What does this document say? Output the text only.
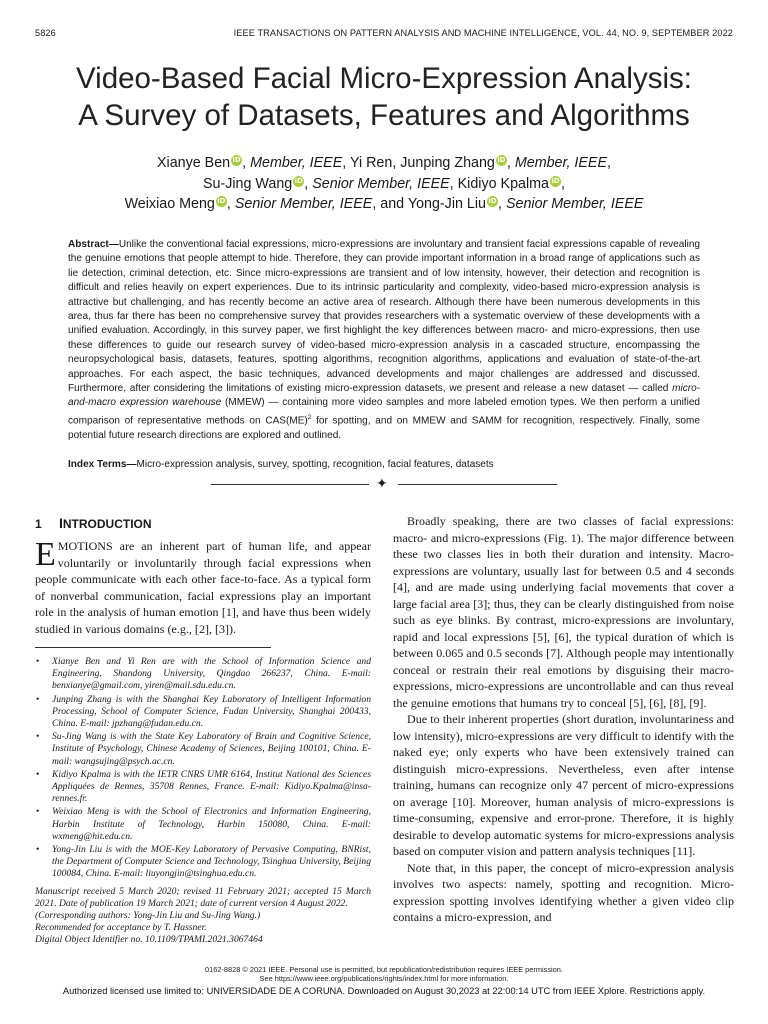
5826	IEEE TRANSACTIONS ON PATTERN ANALYSIS AND MACHINE INTELLIGENCE, VOL. 44, NO. 9, SEPTEMBER 2022
Video-Based Facial Micro-Expression Analysis:
A Survey of Datasets, Features and Algorithms
Xianye Ben iD, Member, IEEE, Yi Ren, Junping Zhang iD, Member, IEEE,
Su-Jing Wang iD, Senior Member, IEEE, Kidiyo Kpalma iD,
Weixiao Meng iD, Senior Member, IEEE, and Yong-Jin Liu iD, Senior Member, IEEE
Abstract—Unlike the conventional facial expressions, micro-expressions are involuntary and transient facial expressions capable of revealing the genuine emotions that people attempt to hide. Therefore, they can provide important information in a broad range of applications such as lie detection, criminal detection, etc. Since micro-expressions are transient and of low intensity, however, their detection and recognition is difficult and relies heavily on expert experiences. Due to its intrinsic particularity and complexity, video-based micro-expression analysis is attractive but challenging, and has recently become an active area of research. Although there have been numerous developments in this area, thus far there has been no comprehensive survey that provides researchers with a systematic overview of these developments with a unified evaluation. Accordingly, in this survey paper, we first highlight the key differences between macro- and micro-expressions, then use these differences to guide our research survey of video-based micro-expression analysis in a cascaded structure, encompassing the neuropsychological basis, datasets, features, spotting algorithms, recognition algorithms, applications and evaluation of state-of-the-art approaches. For each aspect, the basic techniques, advanced developments and major challenges are addressed and discussed. Furthermore, after considering the limitations of existing micro-expression datasets, we present and release a new dataset — called micro-and-macro expression warehouse (MMEW) — containing more video samples and more labeled emotion types. We then perform a unified comparison of representative methods on CAS(ME)$^2$ for spotting, and on MMEW and SAMM for recognition, respectively. Finally, some potential future research directions are explored and outlined.
Index Terms—Micro-expression analysis, survey, spotting, recognition, facial features, datasets
✦
1 INTRODUCTION

EMOTIONS are an inherent part of human life, and appear voluntarily or involuntarily through facial expressions when people communicate with each other face-to-face. As a typical form of nonverbal communication, facial expressions play an important role in the analysis of human emotion [1], and have thus been widely studied in various domains (e.g., [2], [3]).

• Xianye Ben and Yi Ren are with the School of Information Science and Engineering, Shandong University, Qingdao 266237, China. E-mail: benxianye@gmail.com, yiren@mail.sdu.edu.cn.
• Junping Zhang is with the Shanghai Key Laboratory of Intelligent Information Processing, School of Computer Science, Fudan University, Shanghai 200433, China. E-mail: jpzhang@fudan.edu.cn.
• Su-Jing Wang is with the State Key Laboratory of Brain and Cognitive Science, Institute of Psychology, Chinese Academy of Sciences, Beijing 100101, China. E-mail: wangsujing@psych.ac.cn.
• Kidiyo Kpalma is with the IETR CNRS UMR 6164, Institut National des Sciences Appliquées de Rennes, 35708 Rennes, France. E-mail: Kidiyo.Kpalma@insa-rennes.fr.
• Weixiao Meng is with the School of Electronics and Information Engineering, Harbin Institute of Technology, Harbin 150080, China. E-mail: wxmeng@hit.edu.cn.
• Yong-Jin Liu is with the MOE-Key Laboratory of Pervasive Computing, BNRist, the Department of Computer Science and Technology, Tsinghua University, Beijing 100084, China. E-mail: liuyongjin@tsinghua.edu.cn.
Manuscript received 5 March 2020; revised 11 February 2021; accepted 15 March 2021. Date of publication 19 March 2021; date of current version 4 August 2022.
(Corresponding authors: Yong-Jin Liu and Su-Jing Wang.)
Recommended for acceptance by T. Hassner.
Digital Object Identifier no. 10.1109/TPAMI.2021.3067464

Broadly speaking, there are two classes of facial expressions: macro- and micro-expressions (Fig. 1). The major difference between these two classes lies in both their duration and intensity. Macro-expressions are voluntary, usually last for between 0.5 and 4 seconds [4], and are made using underlying facial movements that cover a large facial area [3]; thus, they can be clearly distinguished from noise such as eye blinks. By contrast, micro-expressions are involuntary, rapid and local expressions [5], [6], the typical duration of which is between 0.065 and 0.5 seconds [7]. Although people may intentionally conceal or restrain their real emotions by disguising their macro-expressions, micro-expressions are uncontrollable and can thus reveal the genuine emotions that humans try to conceal [5], [6], [8], [9].

Due to their inherent properties (short duration, involuntariness and low intensity), micro-expressions are very difficult to identify with the naked eye; only experts who have been extensively trained can distinguish micro-expressions. Nevertheless, even after intense training, humans can recognize only 47 percent of micro-expressions on average [10]. Moreover, human analysis of micro-expressions is time-consuming, expensive and error-prone. Therefore, it is highly desirable to develop automatic systems for micro-expressions analysis based on computer vision and pattern analysis techniques [11].

Note that, in this paper, the concept of micro-expression analysis involves two aspects: namely, spotting and recognition. Micro-expression spotting involves identifying whether a given video clip contains a micro-expression, and

0162-8828 © 2021 IEEE. Personal use is permitted, but republication/redistribution requires IEEE permission.
See https://www.ieee.org/publications/rights/index.html for more information.
Authorized licensed use limited to: UNIVERSIDADE DE A CORUNA. Downloaded on August 30,2023 at 22:00:14 UTC from IEEE Xplore. Restrictions apply.
